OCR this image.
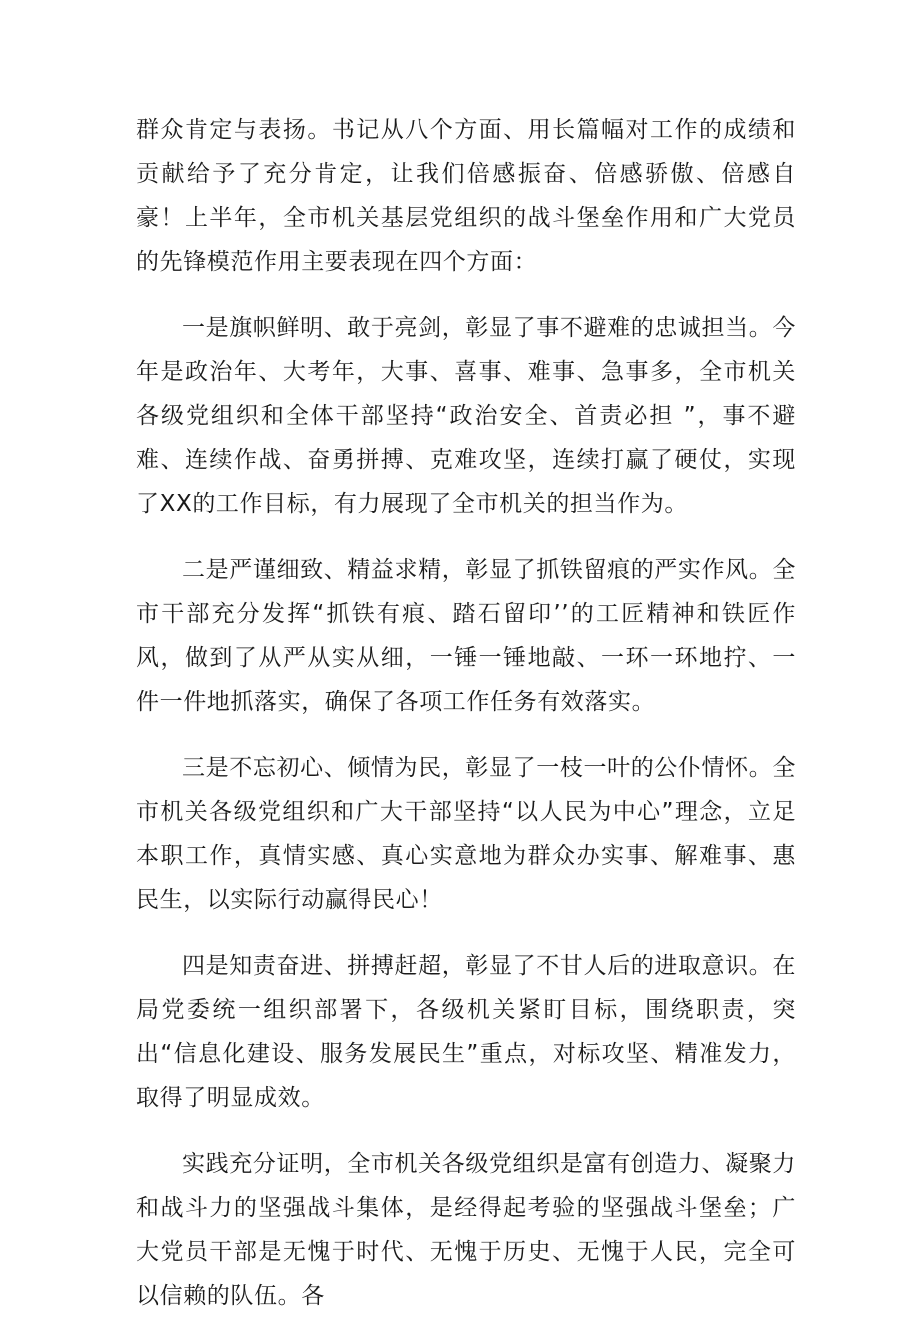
群众肯定与表扬。书记从八个方面、用长篇幅对工作的成绩和贡献给予了充分肯定，让我们倍感振奋、倍感骄傲、倍感自豪！上半年，全市机关基层党组织的战斗堡垒作用和广大党员的先锋模范作用主要表现在四个方面：

一是旗帜鲜明、敢于亮剑，彰显了事不避难的忠诚担当。今年是政治年、大考年，大事、喜事、难事、急事多，全市机关各级党组织和全体干部坚持“政治安全、首责必担 ”，事不避难、连续作战、奋勇拼搏、克难攻坚，连续打赢了硬仗，实现了XX的工作目标，有力展现了全市机关的担当作为。

二是严谨细致、精益求精，彰显了抓铁留痕的严实作风。全市干部充分发挥“抓铁有痕、踏石留印’’的工匠精神和铁匠作风，做到了从严从实从细，一锤一锤地敲、一环一环地拧、一件一件地抓落实，确保了各项工作任务有效落实。

三是不忘初心、倾情为民，彰显了一枝一叶的公仆情怀。全市机关各级党组织和广大干部坚持“以人民为中心”理念，立足本职工作，真情实感、真心实意地为群众办实事、解难事、惠民生，以实际行动赢得民心！

四是知责奋进、拼搏赶超，彰显了不甘人后的进取意识。在局党委统一组织部署下，各级机关紧盯目标，围绕职责，突出“信息化建设、服务发展民生”重点，对标攻坚、精准发力，取得了明显成效。

实践充分证明，全市机关各级党组织是富有创造力、凝聚力和战斗力的坚强战斗集体，是经得起考验的坚强战斗堡垒；广大党员干部是无愧于时代、无愧于历史、无愧于人民，完全可以信赖的队伍。各
